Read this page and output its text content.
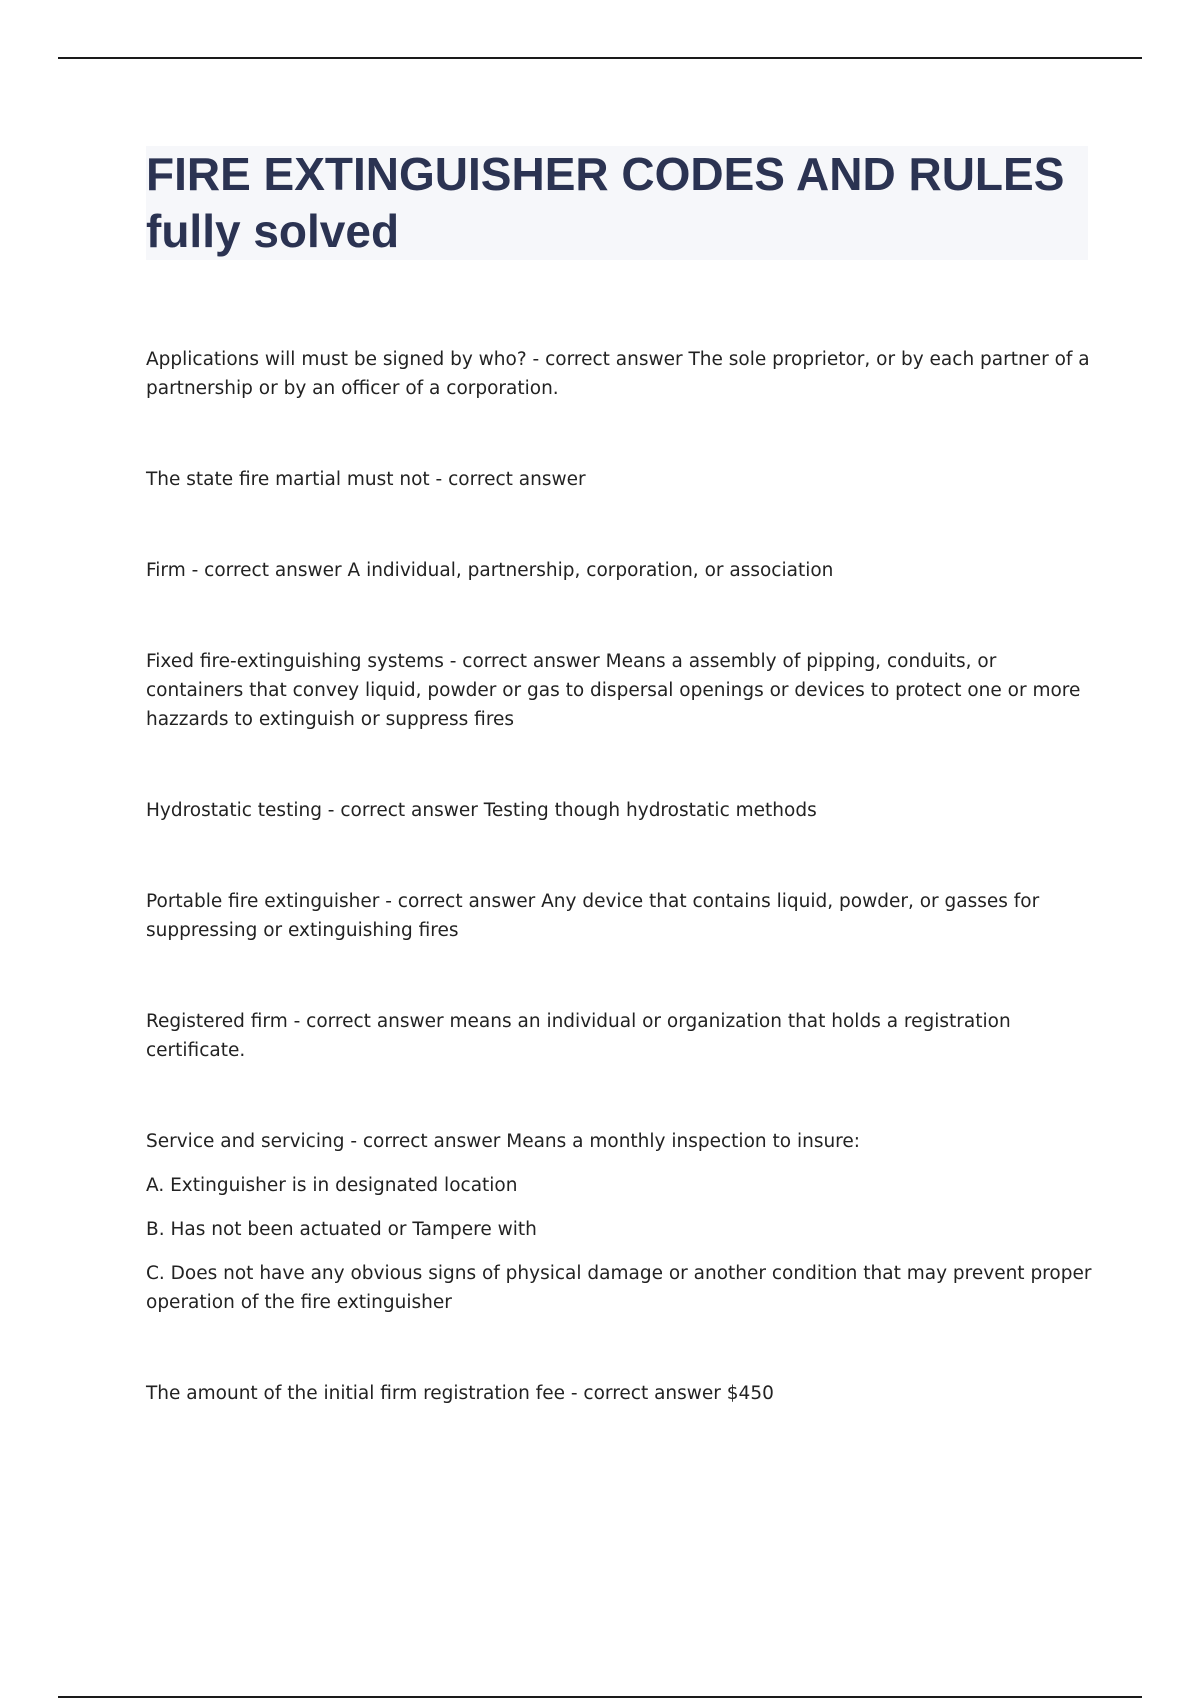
FIRE EXTINGUISHER CODES AND RULES fully solved

Applications will must be signed by who? - correct answer The sole proprietor, or by each partner of a partnership or by an officer of a corporation.

The state fire martial must not - correct answer

Firm - correct answer A individual, partnership, corporation, or association

Fixed fire-extinguishing systems - correct answer Means a assembly of pipping, conduits, or containers that convey liquid, powder or gas to dispersal openings or devices to protect one or more hazzards to extinguish or suppress fires

Hydrostatic testing - correct answer Testing though hydrostatic methods

Portable fire extinguisher - correct answer Any device that contains liquid, powder, or gasses for suppressing or extinguishing fires

Registered firm - correct answer means an individual or organization that holds a registration certificate.

Service and servicing - correct answer Means a monthly inspection to insure:

A. Extinguisher is in designated location

B. Has not been actuated or Tampere with

C. Does not have any obvious signs of physical damage or another condition that may prevent proper operation of the fire extinguisher

The amount of the initial firm registration fee - correct answer $450
